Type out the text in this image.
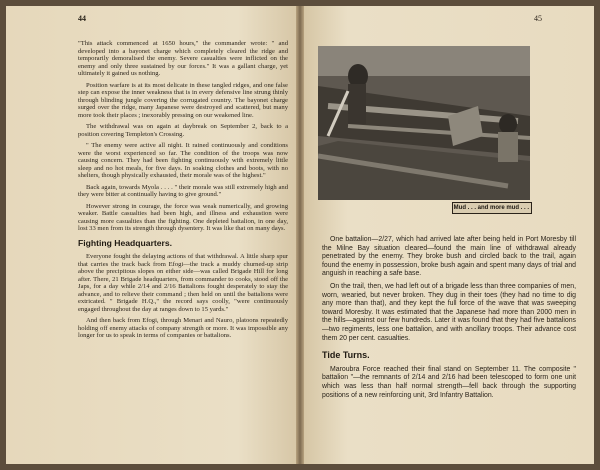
44

"This attack commenced at 1650 hours," the commander wrote: " and developed into a bayonet charge which completely cleared the ridge and temporarily demoralised the enemy. Severe casualties were inflicted on the enemy and only three sustained by our forces." It was a gallant charge, yet ultimately it gained us nothing.

Position warfare is at its most delicate in these tangled ridges, and one false step can expose the inner weakness that is in every defensive line strung thinly through blinding jungle covering the corrugated country. The bayonet charge surged over the ridge, many Japanese were destroyed and scattered, but many more took their places ; inexorably pressing on our weakened line.

The withdrawal was on again at daybreak on September 2, back to a position covering Templeton's Crossing.

" The enemy were active all night. It rained continuously and conditions were the worst experienced so far. The condition of the troops was now causing concern. They had been fighting continuously with extremely little sleep and no hot meals, for five days. In soaking clothes and boots, with no shelters, though physically exhausted, their morale was of the highest."

Back again, towards Myola . . . . " their morale was still extremely high and they were bitter at continually having to give ground."

However strong in courage, the force was weak numerically, and growing weaker. Battle casualties had been high, and illness and exhaustion were causing more casualties than the fighting. One depleted battalion, in one day, lost 33 men from its strength through dysentery. It was like that on many days.

Fighting Headquarters.

Everyone fought the delaying actions of that withdrawal. A little sharp spur that carries the track back from Efogi—the track a muddy churned-up strip above the precipitous slopes on either side—was called Brigade Hill for long after. There, 21 Brigade headquarters, from commander to cooks, stood off the Japs, for a day while 2/14 and 2/16 Battalions fought desperately to stay the advance, and to relieve their command ; then held on until the battalions were extricated. " Brigade H.Q.," the record says coolly, "were continuously engaged throughout the day at ranges down to 15 yards."

And then back from Efogi, through Menari and Nauro, platoons repeatedly holding off enemy attacks of company strength or more. It was impossible any longer for us to speak in terms of companies or battalions.

45
Mud . . . and more mud . . .

One battalion—2/27, which had arrived late after being held in Port Moresby till the Milne Bay situation cleared—found the main line of withdrawal already penetrated by the enemy. They broke bush and circled back to the trail, again found the enemy in possession, broke bush again and spent many days of trial and anguish in reaching a safe base.

On the trail, then, we had left out of a brigade less than three companies of men, worn, wearied, but never broken. They dug in their toes (they had no time to dig any more than that), and they kept the full force of the wave that was sweeping toward Moresby. It was estimated that the Japanese had more than 2000 men in the hills—against our few hundreds. Later it was found that they had five battalions—two regiments, less one battalion, and with ancillary troops. Their advance cost them 20 per cent. casualties.

Tide Turns.

Maroubra Force reached their final stand on September 11. The composite " battalion "—the remnants of 2/14 and 2/16 had been telescoped to form one unit which was less than half normal strength—fell back through the supporting positions of a new reinforcing unit, 3rd Infantry Battalion.
